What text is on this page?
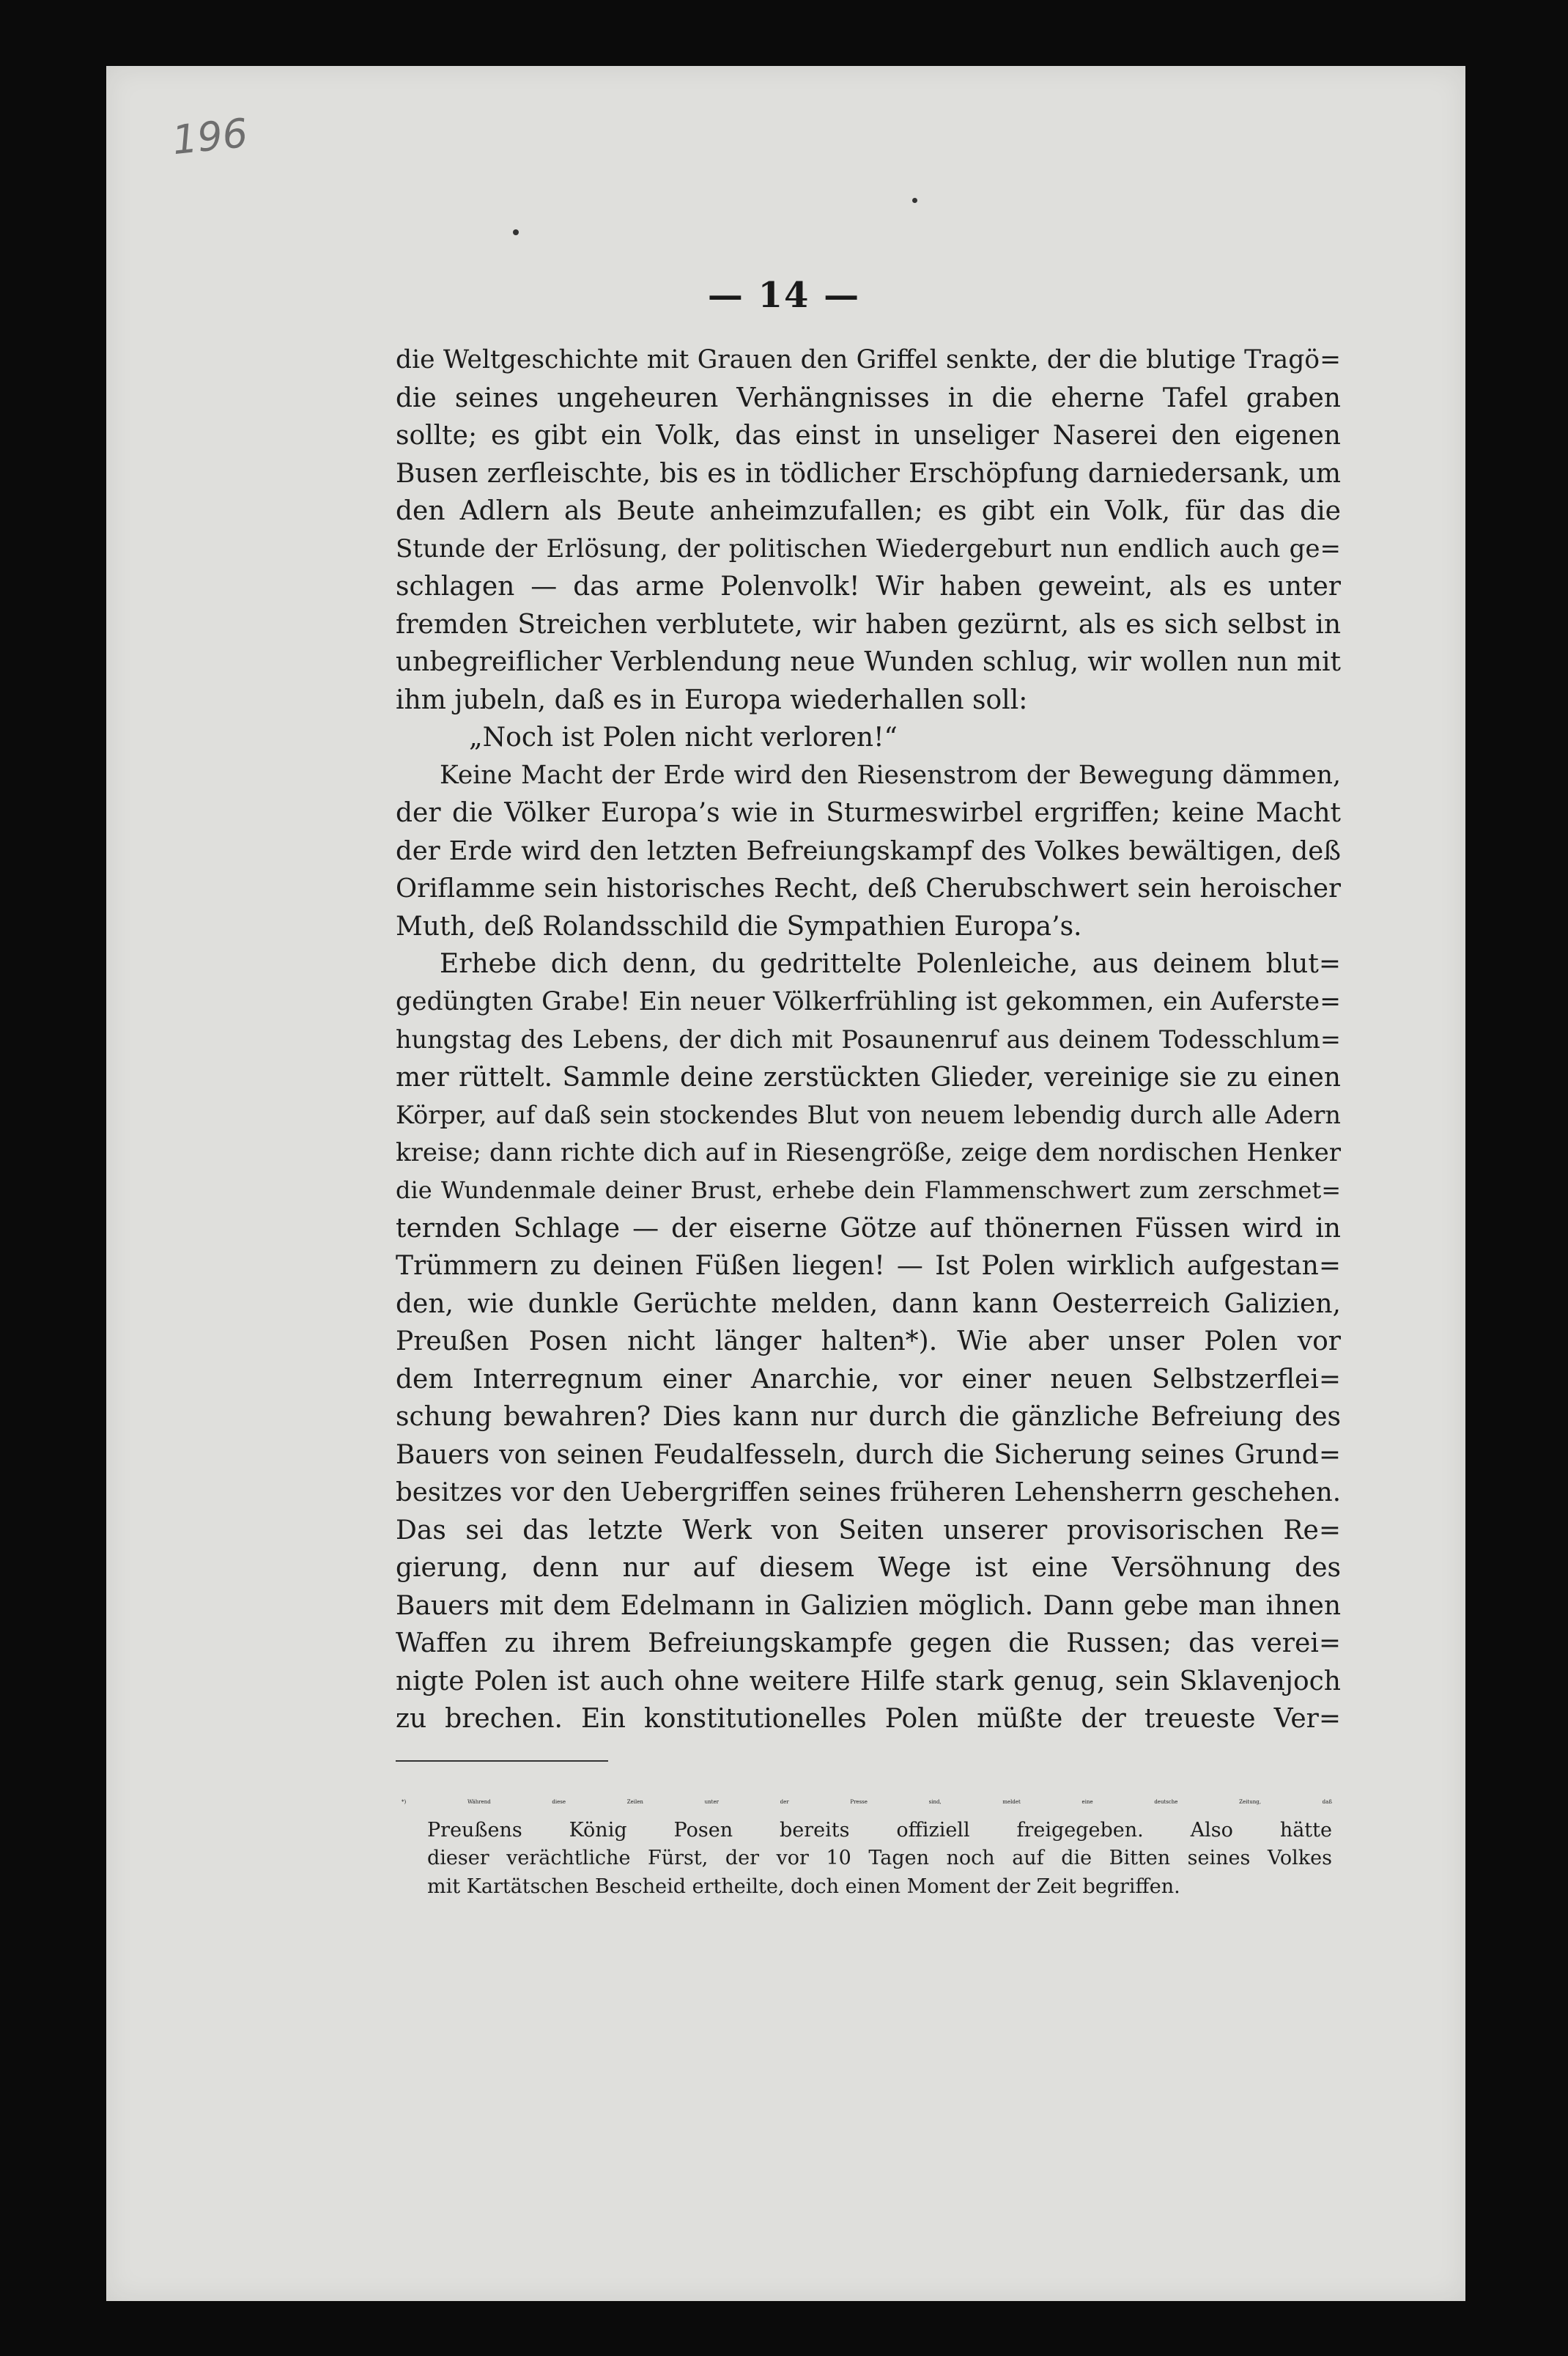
196
— 14 —
die Weltgeschichte mit Grauen den Griffel senkte, der die blutige Tragö=
die seines ungeheuren Verhängnisses in die eherne Tafel graben
sollte; es gibt ein Volk, das einst in unseliger Naserei den eigenen
Busen zerfleischte, bis es in tödlicher Erschöpfung darniedersank, um
den Adlern als Beute anheimzufallen; es gibt ein Volk, für das die
Stunde der Erlösung, der politischen Wiedergeburt nun endlich auch ge=
schlagen — das arme Polenvolk! Wir haben geweint, als es unter
fremden Streichen verblutete, wir haben gezürnt, als es sich selbst in
unbegreiflicher Verblendung neue Wunden schlug, wir wollen nun mit
ihm jubeln, daß es in Europa wiederhallen soll:
„Noch ist Polen nicht verloren!“
Keine Macht der Erde wird den Riesenstrom der Bewegung dämmen,
der die Völker Europa’s wie in Sturmeswirbel ergriffen; keine Macht
der Erde wird den letzten Befreiungskampf des Volkes bewältigen, deß
Oriflamme sein historisches Recht, deß Cherubschwert sein heroischer
Muth, deß Rolandsschild die Sympathien Europa’s.
Erhebe dich denn, du gedrittelte Polenleiche, aus deinem blut=
gedüngten Grabe! Ein neuer Völkerfrühling ist gekommen, ein Auferste=
hungstag des Lebens, der dich mit Posaunenruf aus deinem Todesschlum=
mer rüttelt. Sammle deine zerstückten Glieder, vereinige sie zu einen
Körper, auf daß sein stockendes Blut von neuem lebendig durch alle Adern
kreise; dann richte dich auf in Riesengröße, zeige dem nordischen Henker
die Wundenmale deiner Brust, erhebe dein Flammenschwert zum zerschmet=
ternden Schlage — der eiserne Götze auf thönernen Füssen wird in
Trümmern zu deinen Füßen liegen! — Ist Polen wirklich aufgestan=
den, wie dunkle Gerüchte melden, dann kann Oesterreich Galizien,
Preußen Posen nicht länger halten*). Wie aber unser Polen vor
dem Interregnum einer Anarchie, vor einer neuen Selbstzerflei=
schung bewahren? Dies kann nur durch die gänzliche Befreiung des
Bauers von seinen Feudalfesseln, durch die Sicherung seines Grund=
besitzes vor den Uebergriffen seines früheren Lehensherrn geschehen.
Das sei das letzte Werk von Seiten unserer provisorischen Re=
gierung, denn nur auf diesem Wege ist eine Versöhnung des
Bauers mit dem Edelmann in Galizien möglich. Dann gebe man ihnen
Waffen zu ihrem Befreiungskampfe gegen die Russen; das verei=
nigte Polen ist auch ohne weitere Hilfe stark genug, sein Sklavenjoch
zu brechen. Ein konstitutionelles Polen müßte der treueste Ver=
*) Während diese Zeilen unter der Presse sind, meldet eine deutsche Zeitung, daß
Preußens König Posen bereits offiziell freigegeben. Also hätte
dieser verächtliche Fürst, der vor 10 Tagen noch auf die Bitten seines Volkes
mit Kartätschen Bescheid ertheilte, doch einen Moment der Zeit begriffen.
